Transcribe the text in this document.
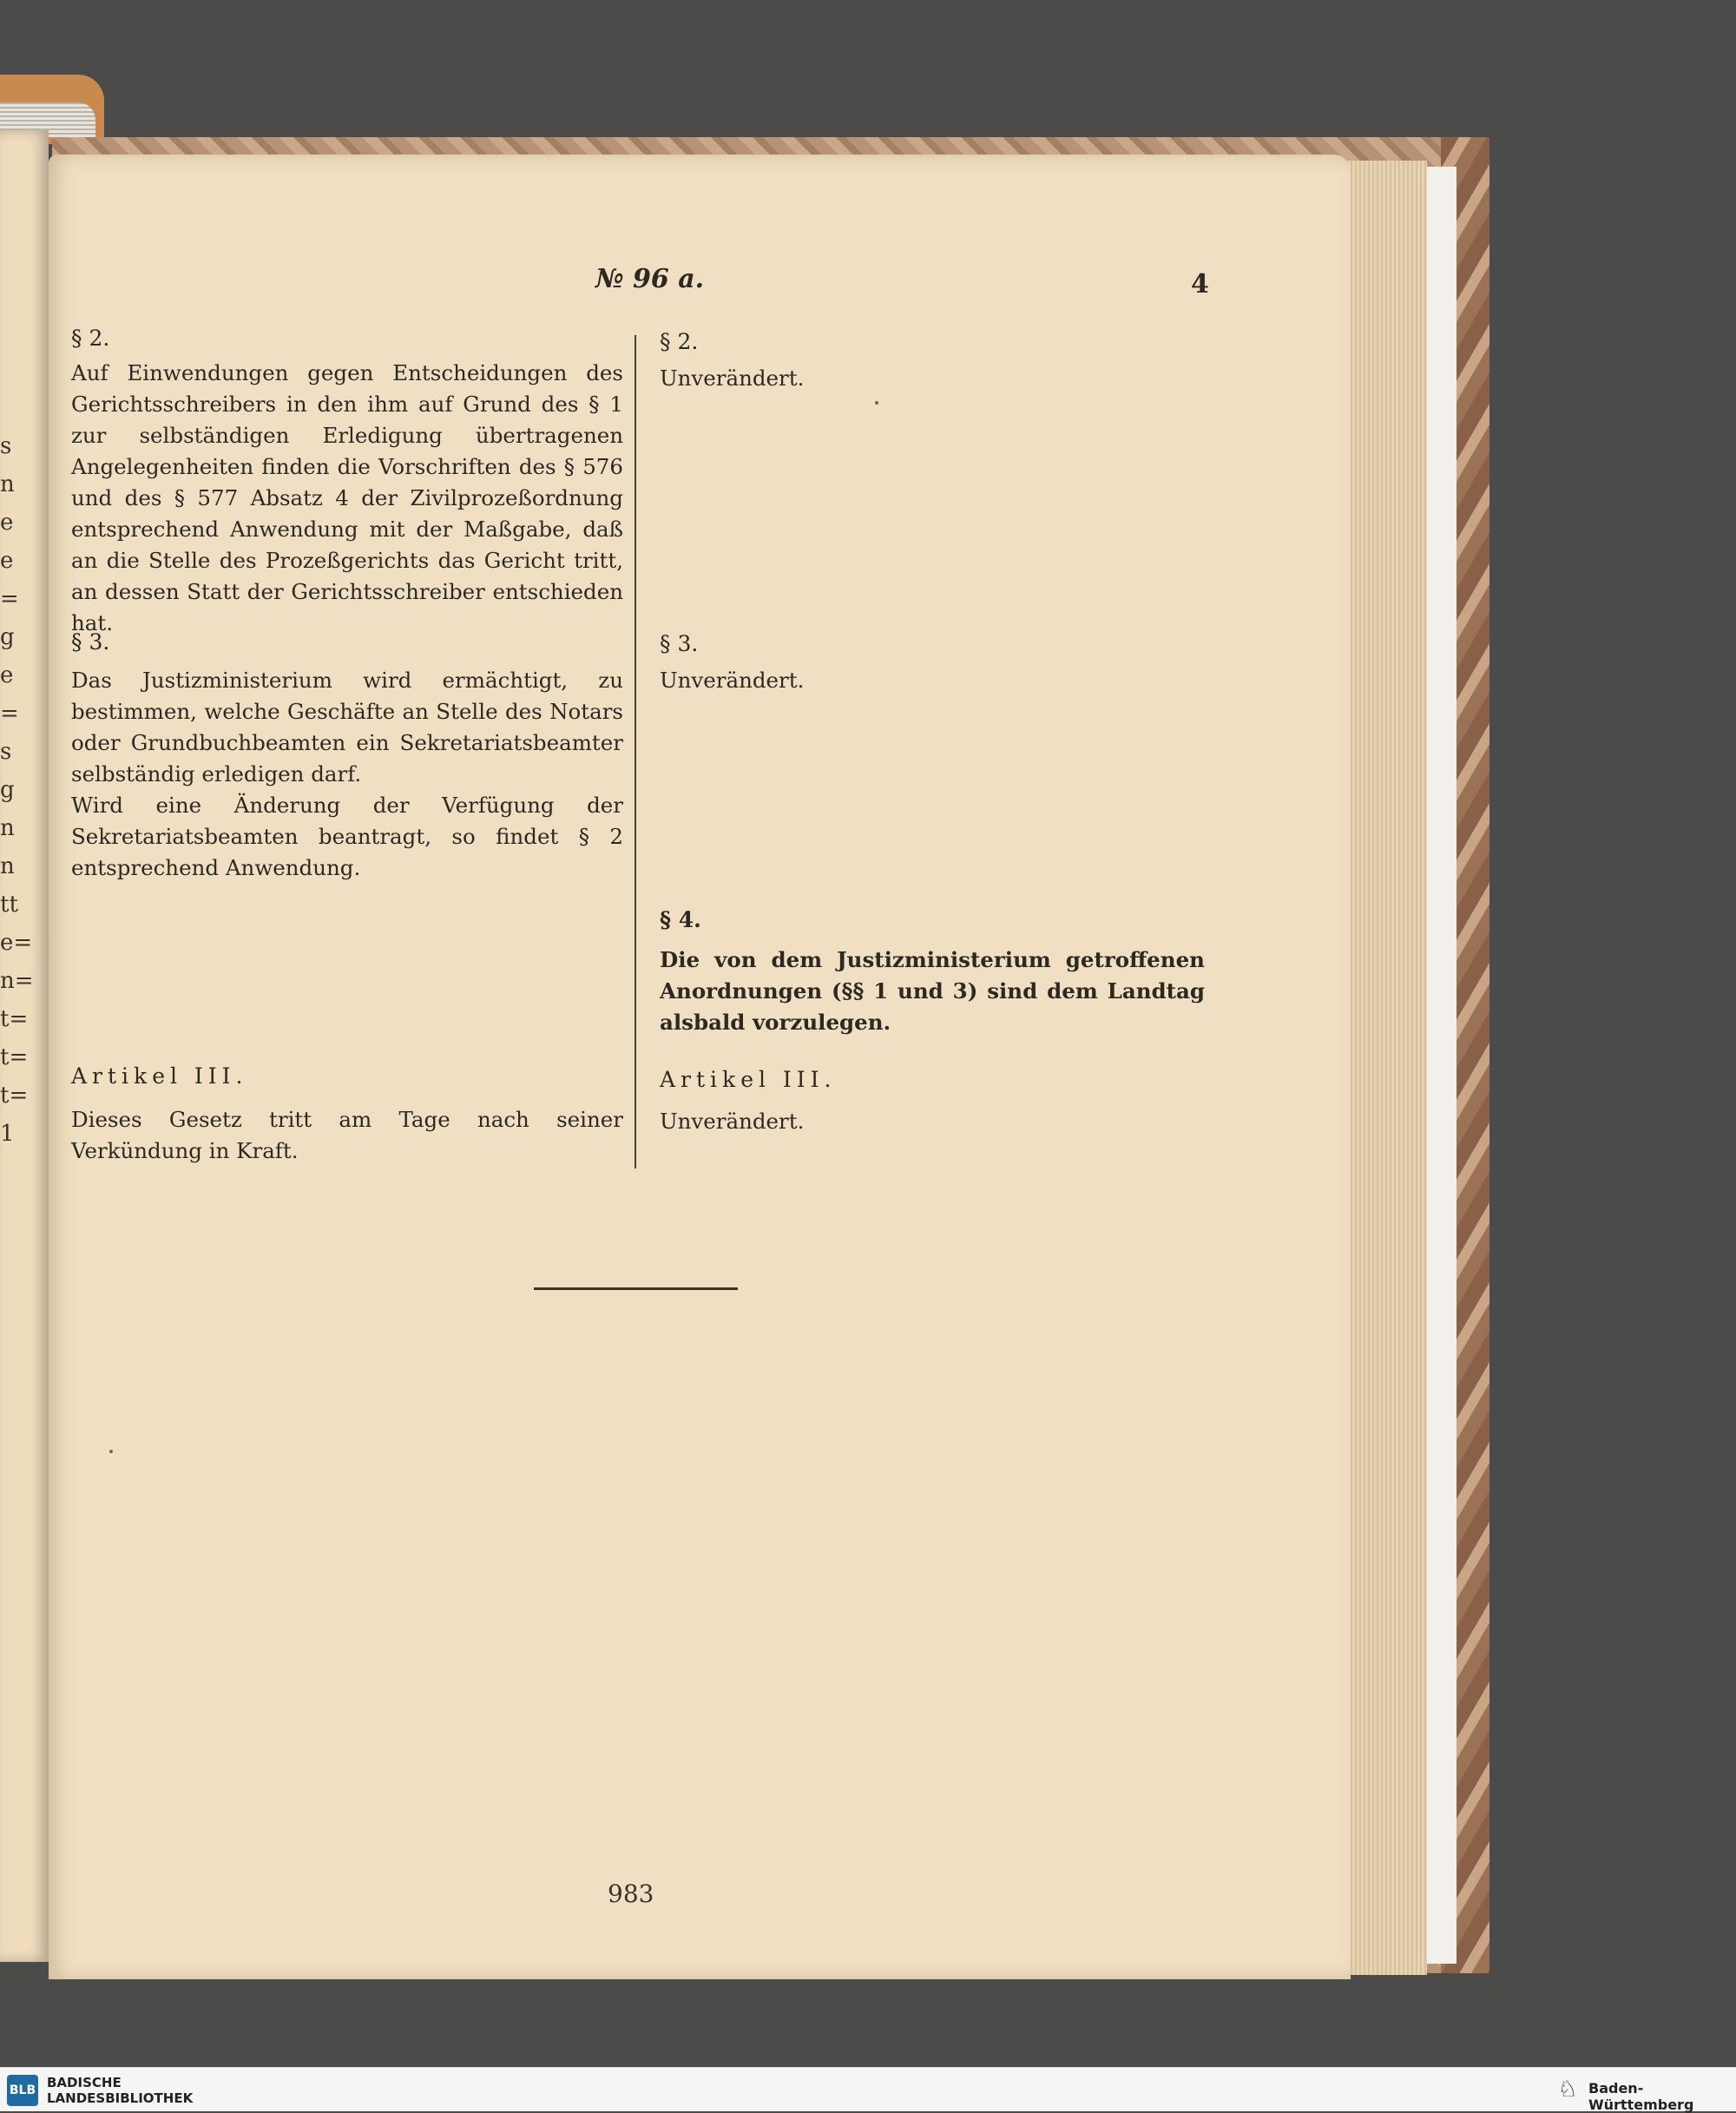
s
n
e
e
=
g
e
=
s
g
n
n
tt
e=
n=
t=
t=
t=
1
№ 96 a.	4

§ 2.

Auf Einwendungen gegen Entscheidungen des Gerichtsschreibers in den ihm auf Grund des § 1 zur selbständigen Erledigung übertragenen Angelegenheiten finden die Vorschriften des § 576 und des § 577 Absatz 4 der Zivilprozeßordnung entsprechend Anwendung mit der Maßgabe, daß an die Stelle des Prozeßgerichts das Gericht tritt, an dessen Statt der Gerichtsschreiber entschieden hat.

§ 3.

Das Justizministerium wird ermächtigt, zu bestimmen, welche Geschäfte an Stelle des Notars oder Grundbuchbeamten ein Sekretariatsbeamter selbständig erledigen darf.

Wird eine Änderung der Verfügung der Sekretariatsbeamten beantragt, so findet § 2 entsprechend Anwendung.

Artikel III.

Dieses Gesetz tritt am Tage nach seiner Verkündung in Kraft.

§ 2.

Unverändert.

§ 3.

Unverändert.

§ 4.

Die von dem Justizministerium getroffenen Anordnungen (§§ 1 und 3) sind dem Landtag alsbald vorzulegen.

Artikel III.

Unverändert.

983
BLB BADISCHE
LANDESBIBLIOTHEK	♘ Baden-Württemberg
